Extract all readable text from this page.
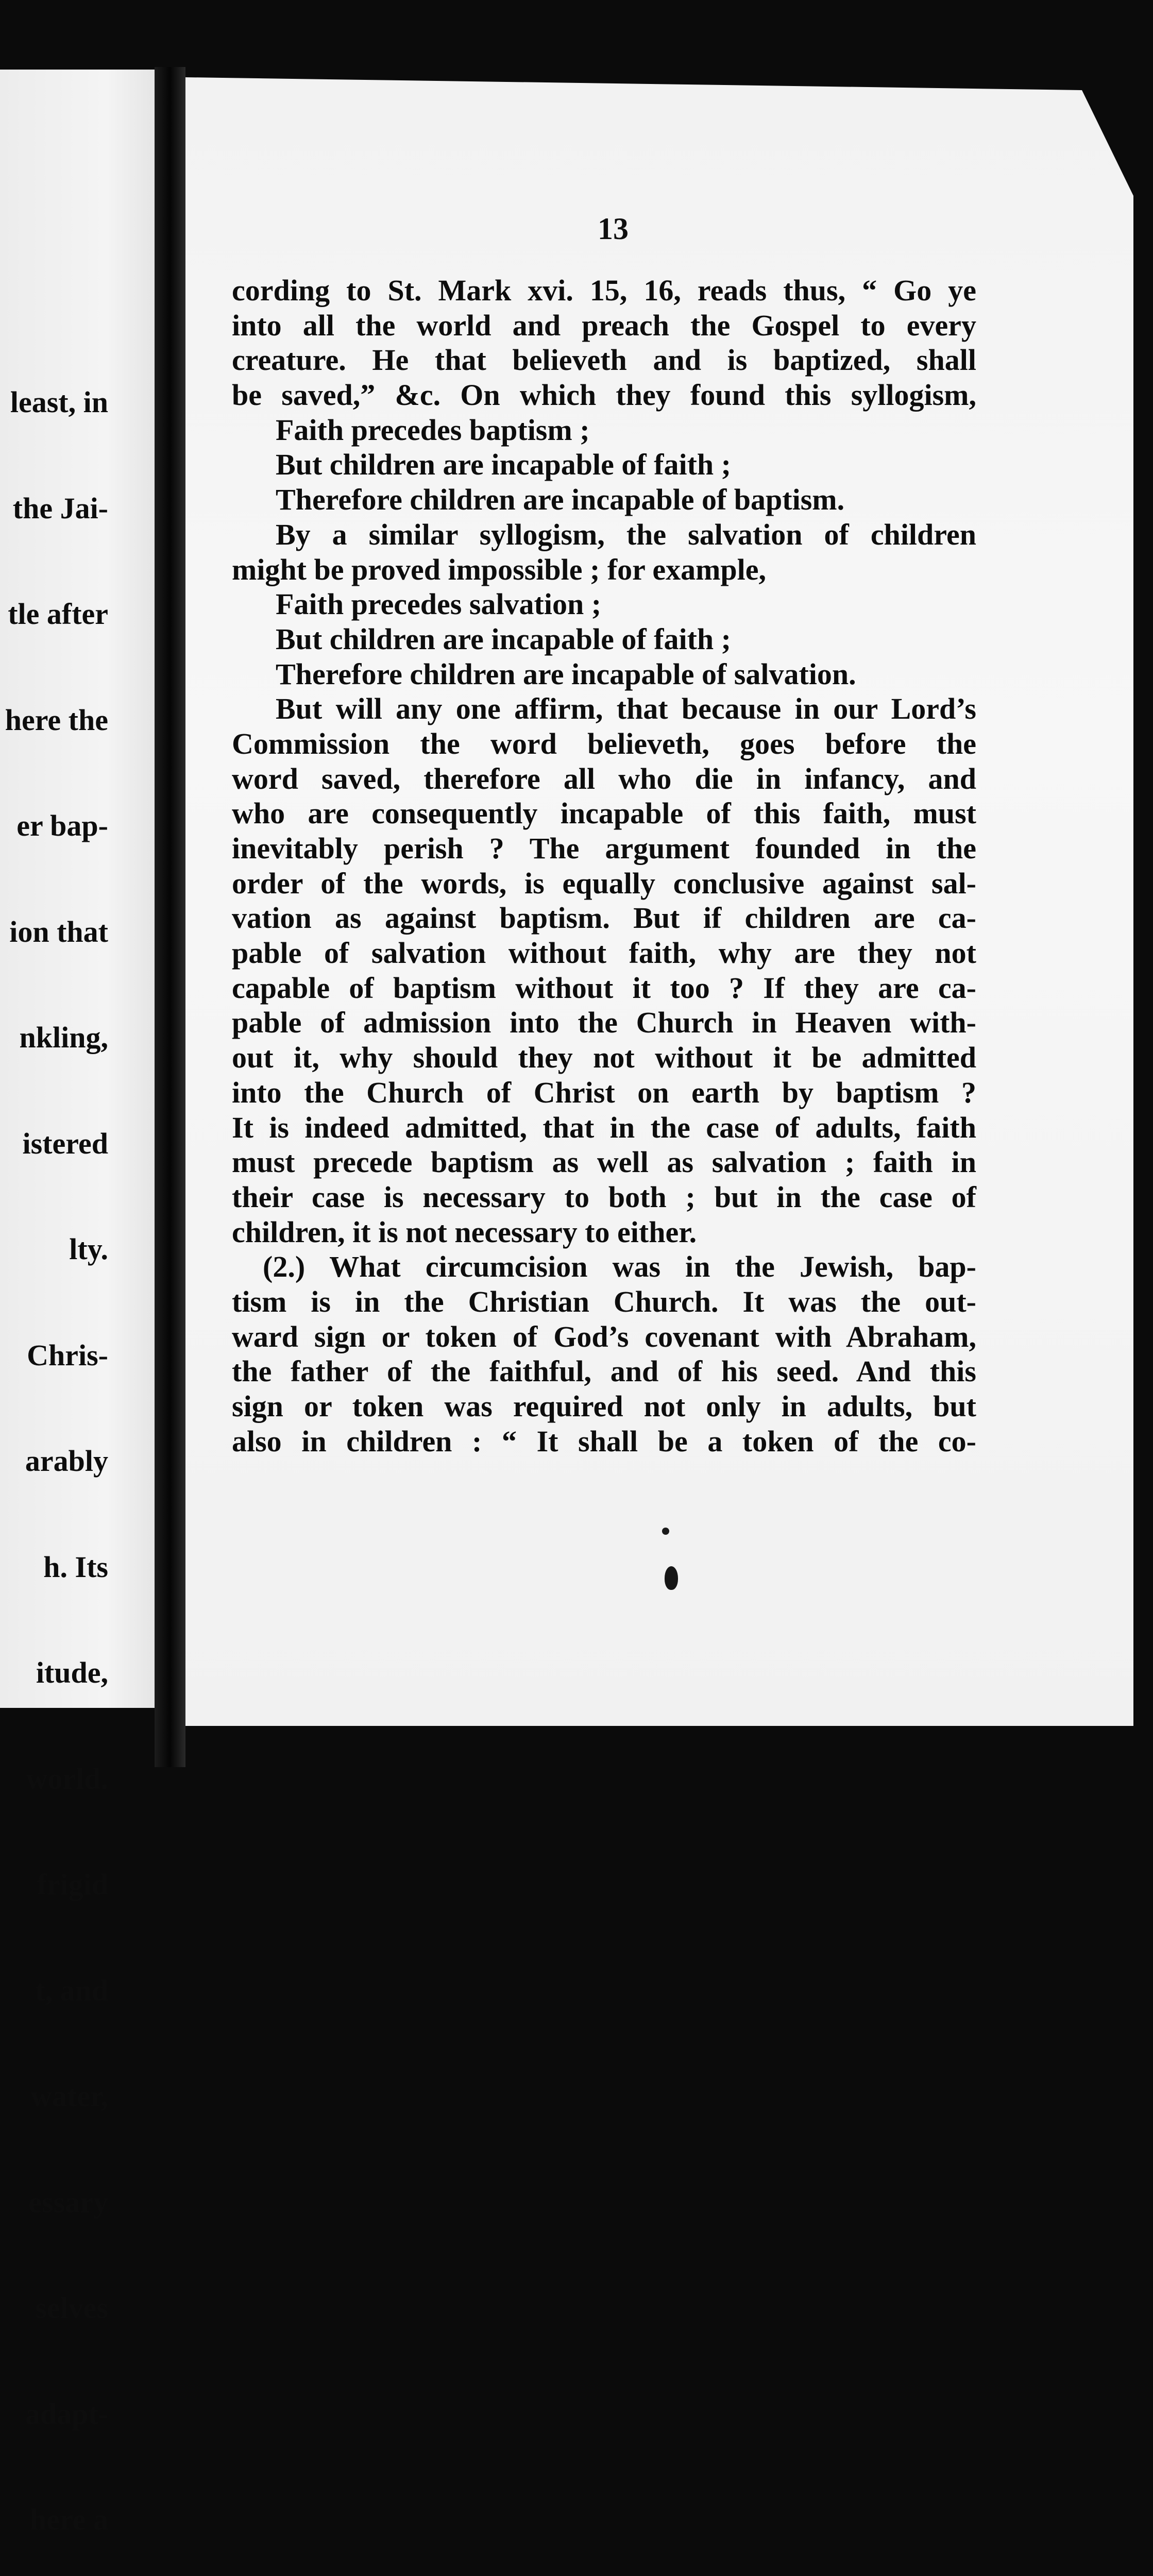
least, in

the Jai-

tle after

here the

er bap-

ion that

nkling,

istered

lty.

Chris-

arably

h. Its

itude,

world.

frigid

t, and

water,

essary

selves

adapt-

here a

13
cording to St. Mark xvi. 15, 16, reads thus, “ Go ye
into all the world and preach the Gospel to every
creature. He that believeth and is baptized, shall
be saved,” &c. On which they found this syllogism,
Faith precedes baptism ;
But children are incapable of faith ;
Therefore children are incapable of baptism.
By a similar syllogism, the salvation of children
might be proved impossible ; for example,
Faith precedes salvation ;
But children are incapable of faith ;
Therefore children are incapable of salvation.
But will any one affirm, that because in our Lord’s
Commission the word believeth, goes before the
word saved, therefore all who die in infancy, and
who are consequently incapable of this faith, must
inevitably perish ? The argument founded in the
order of the words, is equally conclusive against sal-
vation as against baptism. But if children are ca-
pable of salvation without faith, why are they not
capable of baptism without it too ? If they are ca-
pable of admission into the Church in Heaven with-
out it, why should they not without it be admitted
into the Church of Christ on earth by baptism ?
It is indeed admitted, that in the case of adults, faith
must precede baptism as well as salvation ; faith in
their case is necessary to both ; but in the case of
children, it is not necessary to either.
(2.) What circumcision was in the Jewish, bap-
tism is in the Christian Church. It was the out-
ward sign or token of God’s covenant with Abraham,
the father of the faithful, and of his seed. And this
sign or token was required not only in adults, but
also in children : “ It shall be a token of the co-
